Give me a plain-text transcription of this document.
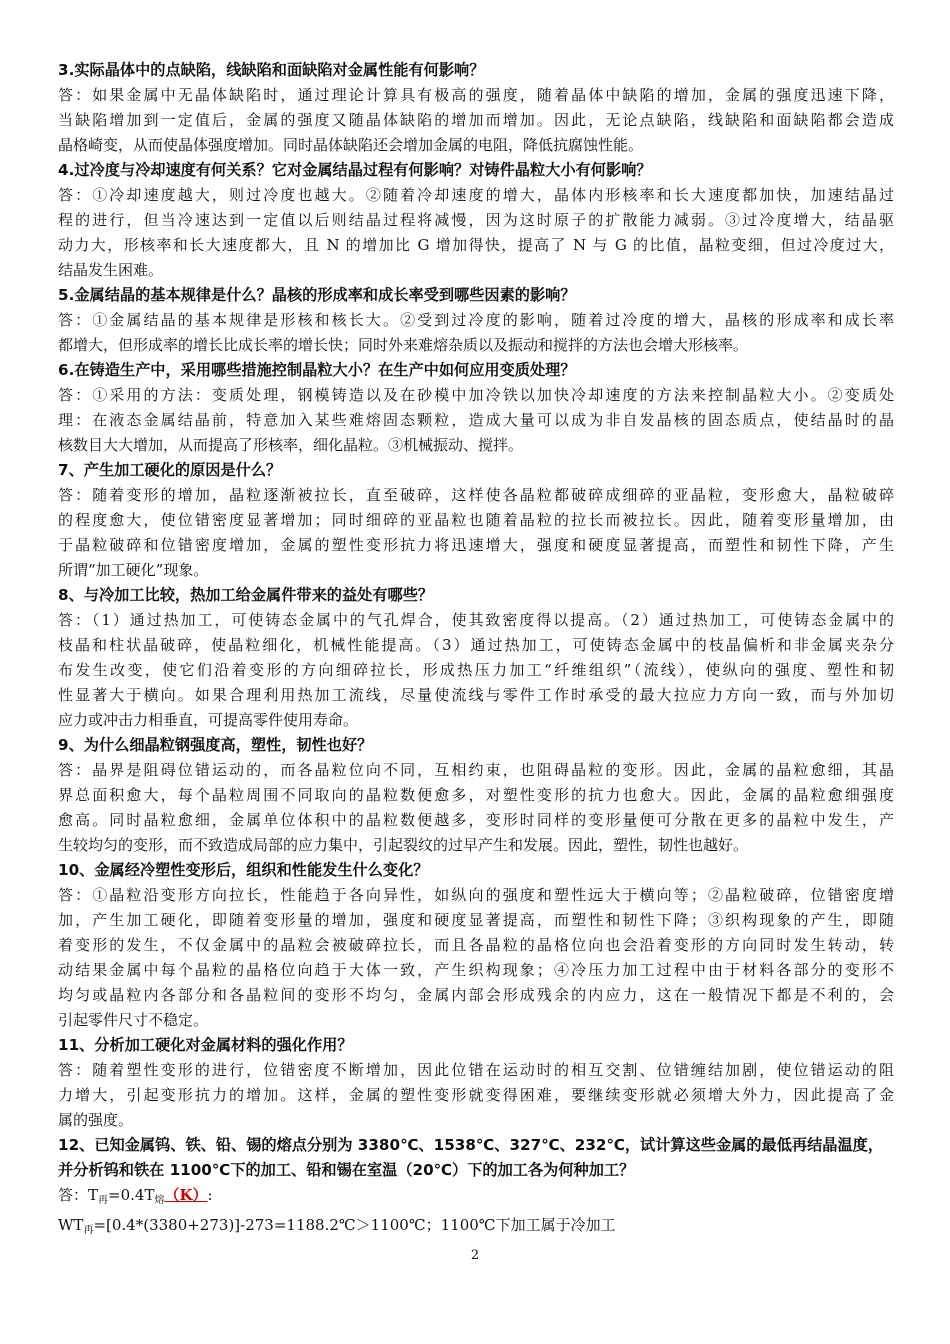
3.实际晶体中的点缺陷，线缺陷和面缺陷对金属性能有何影响？

答：如果金属中无晶体缺陷时，通过理论计算具有极高的强度，随着晶体中缺陷的增加，金属的强度迅速下降，
当缺陷增加到一定值后，金属的强度又随晶体缺陷的增加而增加。因此，无论点缺陷，线缺陷和面缺陷都会造成
晶格崎变，从而使晶体强度增加。同时晶体缺陷还会增加金属的电阻，降低抗腐蚀性能。

4.过冷度与冷却速度有何关系？它对金属结晶过程有何影响？对铸件晶粒大小有何影响？

答：①冷却速度越大，则过冷度也越大。②随着冷却速度的增大，晶体内形核率和长大速度都加快，加速结晶过
程的进行，但当冷速达到一定值以后则结晶过程将减慢，因为这时原子的扩散能力减弱。③过冷度增大，结晶驱
动力大，形核率和长大速度都大，且 N 的增加比 G 增加得快，提高了 N 与 G 的比值，晶粒变细，但过冷度过大，
结晶发生困难。

5.金属结晶的基本规律是什么？晶核的形成率和成长率受到哪些因素的影响？

答：①金属结晶的基本规律是形核和核长大。②受到过冷度的影响，随着过冷度的增大，晶核的形成率和成长率
都增大，但形成率的增长比成长率的增长快；同时外来难熔杂质以及振动和搅拌的方法也会增大形核率。

6.在铸造生产中，采用哪些措施控制晶粒大小？在生产中如何应用变质处理？

答：①采用的方法：变质处理，钢模铸造以及在砂模中加冷铁以加快冷却速度的方法来控制晶粒大小。②变质处
理：在液态金属结晶前，特意加入某些难熔固态颗粒，造成大量可以成为非自发晶核的固态质点，使结晶时的晶
核数目大大增加，从而提高了形核率，细化晶粒。③机械振动、搅拌。

7、产生加工硬化的原因是什么？

答：随着变形的增加，晶粒逐渐被拉长，直至破碎，这样使各晶粒都破碎成细碎的亚晶粒，变形愈大，晶粒破碎
的程度愈大，使位错密度显著增加；同时细碎的亚晶粒也随着晶粒的拉长而被拉长。因此，随着变形量增加，由
于晶粒破碎和位错密度增加，金属的塑性变形抗力将迅速增大，强度和硬度显著提高，而塑性和韧性下降，产生
所谓“加工硬化”现象。

8、与冷加工比较，热加工给金属件带来的益处有哪些？

答：（1）通过热加工，可使铸态金属中的气孔焊合，使其致密度得以提高。（2）通过热加工，可使铸态金属中的
枝晶和柱状晶破碎，使晶粒细化，机械性能提高。（3）通过热加工，可使铸态金属中的枝晶偏析和非金属夹杂分
布发生改变，使它们沿着变形的方向细碎拉长，形成热压力加工“纤维组织”（流线），使纵向的强度、塑性和韧
性显著大于横向。如果合理利用热加工流线，尽量使流线与零件工作时承受的最大拉应力方向一致，而与外加切
应力或冲击力相垂直，可提高零件使用寿命。

9、为什么细晶粒钢强度高，塑性，韧性也好？

答：晶界是阻碍位错运动的，而各晶粒位向不同，互相约束，也阻碍晶粒的变形。因此，金属的晶粒愈细，其晶
界总面积愈大，每个晶粒周围不同取向的晶粒数便愈多，对塑性变形的抗力也愈大。因此，金属的晶粒愈细强度
愈高。同时晶粒愈细，金属单位体积中的晶粒数便越多，变形时同样的变形量便可分散在更多的晶粒中发生，产
生较均匀的变形，而不致造成局部的应力集中，引起裂纹的过早产生和发展。因此，塑性，韧性也越好。

10、金属经冷塑性变形后，组织和性能发生什么变化？

答：①晶粒沿变形方向拉长，性能趋于各向异性，如纵向的强度和塑性远大于横向等；②晶粒破碎，位错密度增
加，产生加工硬化，即随着变形量的增加，强度和硬度显著提高，而塑性和韧性下降；③织构现象的产生，即随
着变形的发生，不仅金属中的晶粒会被破碎拉长，而且各晶粒的晶格位向也会沿着变形的方向同时发生转动，转
动结果金属中每个晶粒的晶格位向趋于大体一致，产生织构现象；④冷压力加工过程中由于材料各部分的变形不
均匀或晶粒内各部分和各晶粒间的变形不均匀，金属内部会形成残余的内应力，这在一般情况下都是不利的，会
引起零件尺寸不稳定。

11、分析加工硬化对金属材料的强化作用？

答：随着塑性变形的进行，位错密度不断增加，因此位错在运动时的相互交割、位错缠结加剧，使位错运动的阻
力增大，引起变形抗力的增加。这样，金属的塑性变形就变得困难，要继续变形就必须增大外力，因此提高了金
属的强度。

12、已知金属钨、铁、铅、锡的熔点分别为 3380℃、1538℃、327℃、232℃，试计算这些金属的最低再结晶温度，

并分析钨和铁在 1100℃下的加工、铅和锡在室温（20℃）下的加工各为何种加工？

答：$T_再=0.4T_熔(K)$:

$WT_再=[0.4*(3380+273)]-273=1188.2℃>1100℃$；1100℃下加工属于冷加工

2
